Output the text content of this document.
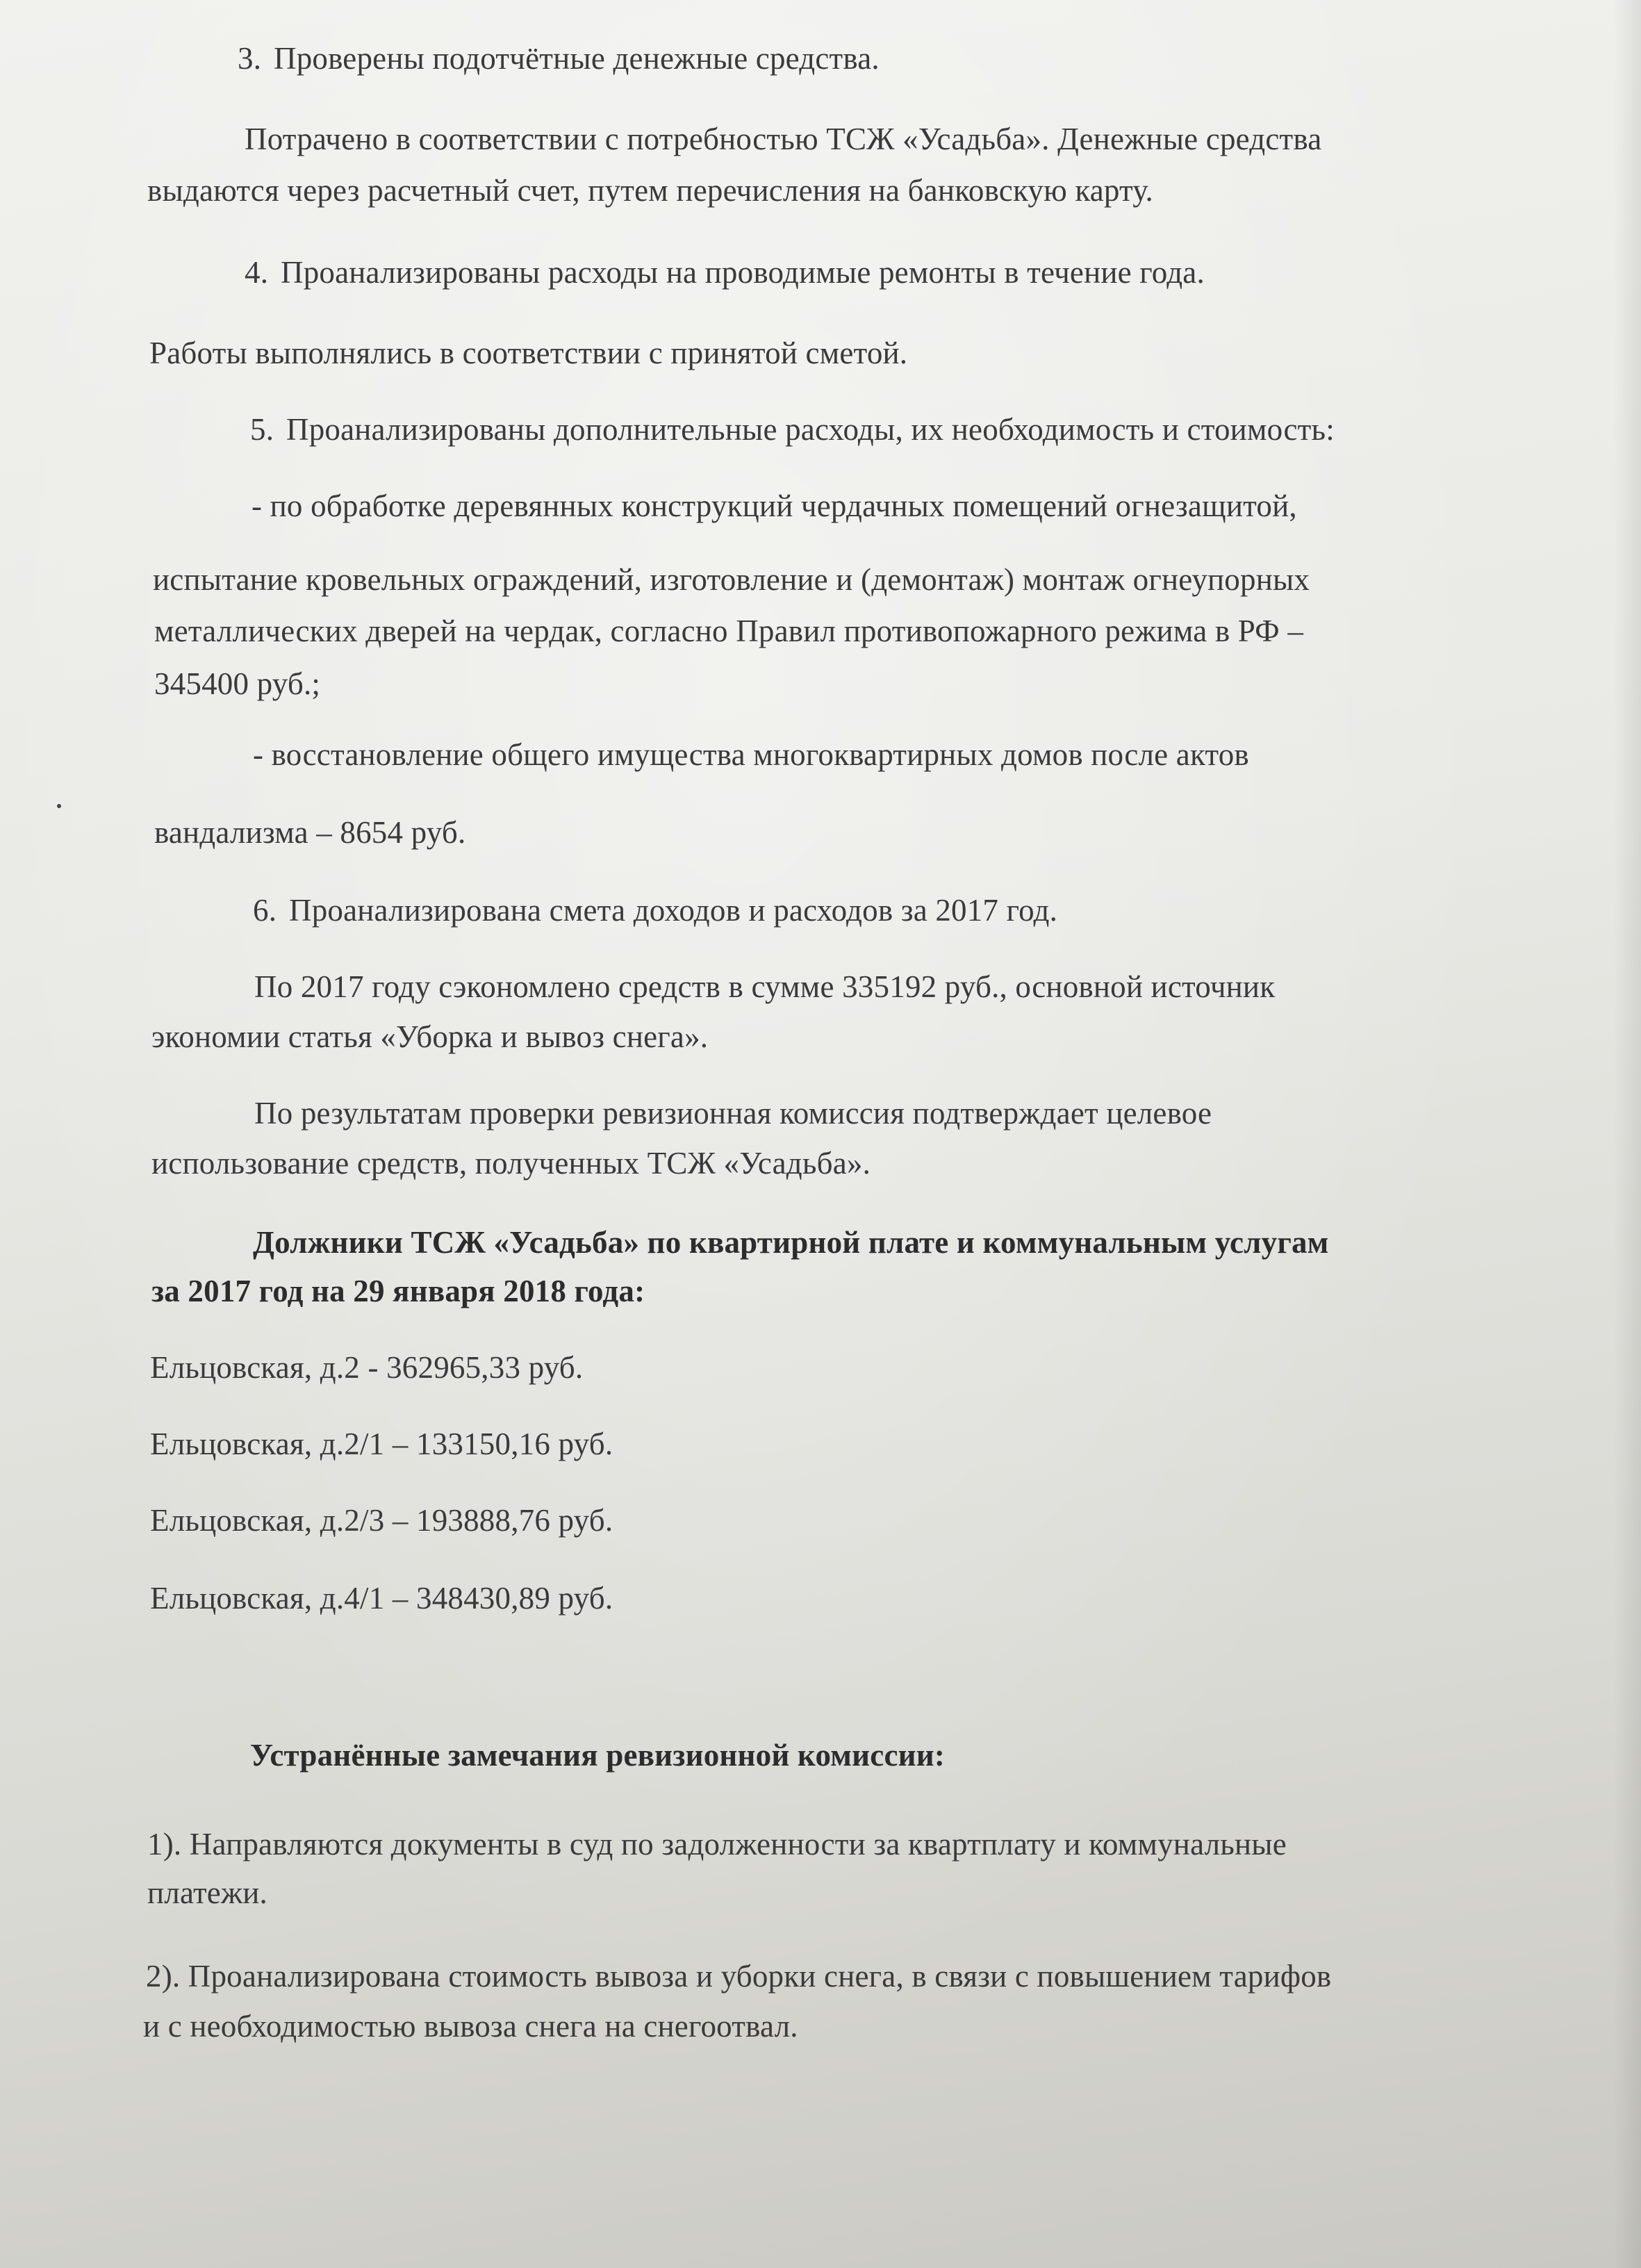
3. Проверены подотчётные денежные средства.
Потрачено в соответствии с потребностью ТСЖ «Усадьба». Денежные средства
выдаются через расчетный счет, путем перечисления на банковскую карту.
4. Проанализированы расходы на проводимые ремонты в течение года.
Работы выполнялись в соответствии с принятой сметой.
5. Проанализированы дополнительные расходы, их необходимость и стоимость:
- по обработке деревянных конструкций чердачных помещений огнезащитой,
испытание кровельных ограждений, изготовление и (демонтаж) монтаж огнеупорных
металлических дверей на чердак, согласно Правил противопожарного режима в РФ –
345400 руб.;
- восстановление общего имущества многоквартирных домов после актов
вандализма – 8654 руб.
6. Проанализирована смета доходов и расходов за 2017 год.
По 2017 году сэкономлено средств в сумме 335192 руб., основной источник
экономии статья «Уборка и вывоз снега».
По результатам проверки ревизионная комиссия подтверждает целевое
использование средств, полученных ТСЖ «Усадьба».
Должники ТСЖ «Усадьба» по квартирной плате и коммунальным услугам
за 2017 год на 29 января 2018 года:
Ельцовская, д.2 - 362965,33 руб.
Ельцовская, д.2/1 – 133150,16 руб.
Ельцовская, д.2/3 – 193888,76 руб.
Ельцовская, д.4/1 – 348430,89 руб.
Устранённые замечания ревизионной комиссии:
1). Направляются документы в суд по задолженности за квартплату и коммунальные
платежи.
2). Проанализирована стоимость вывоза и уборки снега, в связи с повышением тарифов
и с необходимостью вывоза снега на снегоотвал.
